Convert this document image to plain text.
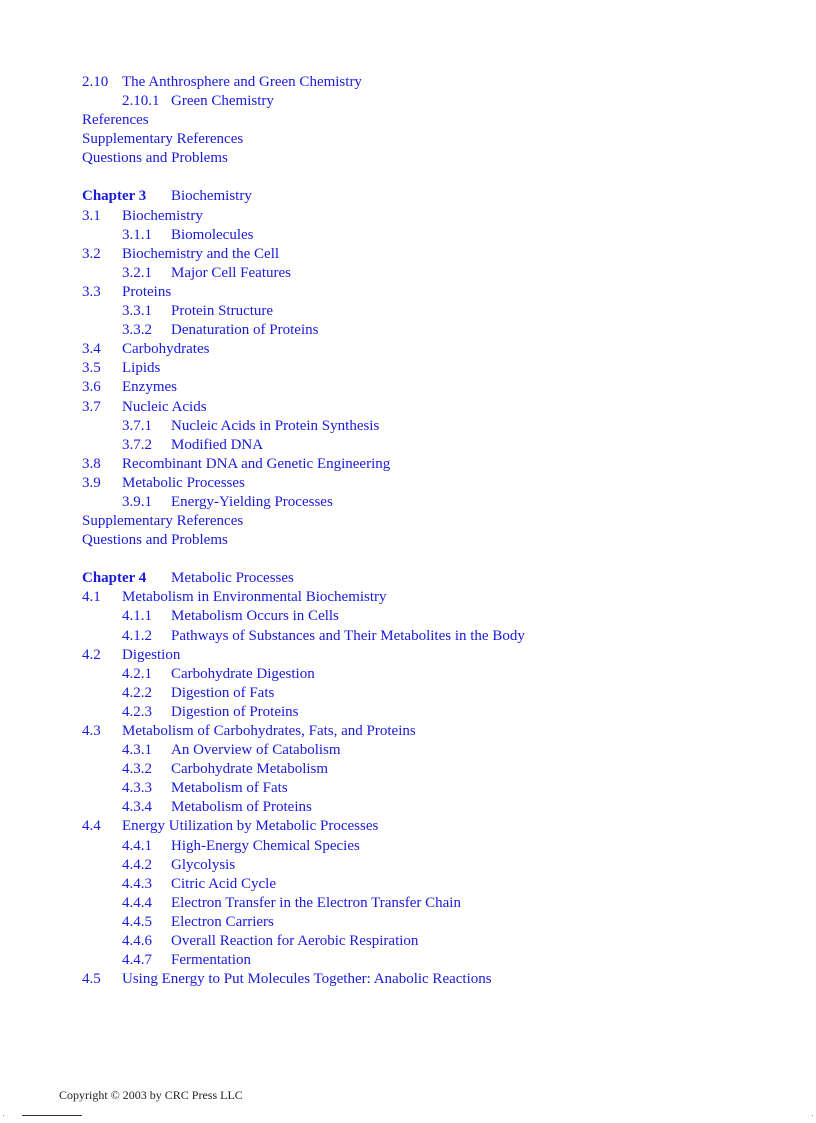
2.10 The Anthrosphere and Green Chemistry
2.10.1 Green Chemistry
References
Supplementary References
Questions and Problems
Chapter 3	Biochemistry
3.1	Biochemistry
3.1.1	Biomolecules
3.2	Biochemistry and the Cell
3.2.1	Major Cell Features
3.3	Proteins
3.3.1	Protein Structure
3.3.2	Denaturation of Proteins
3.4	Carbohydrates
3.5	Lipids
3.6	Enzymes
3.7	Nucleic Acids
3.7.1	Nucleic Acids in Protein Synthesis
3.7.2	Modified DNA
3.8	Recombinant DNA and Genetic Engineering
3.9	Metabolic Processes
3.9.1	Energy-Yielding Processes
Supplementary References
Questions and Problems
Chapter 4	Metabolic Processes
4.1	Metabolism in Environmental Biochemistry
4.1.1	Metabolism Occurs in Cells
4.1.2	Pathways of Substances and Their Metabolites in the Body
4.2	Digestion
4.2.1	Carbohydrate Digestion
4.2.2	Digestion of Fats
4.2.3	Digestion of Proteins
4.3	Metabolism of Carbohydrates, Fats, and Proteins
4.3.1	An Overview of Catabolism
4.3.2	Carbohydrate Metabolism
4.3.3	Metabolism of Fats
4.3.4	Metabolism of Proteins
4.4	Energy Utilization by Metabolic Processes
4.4.1	High-Energy Chemical Species
4.4.2	Glycolysis
4.4.3	Citric Acid Cycle
4.4.4	Electron Transfer in the Electron Transfer Chain
4.4.5	Electron Carriers
4.4.6	Overall Reaction for Aerobic Respiration
4.4.7	Fermentation
4.5	Using Energy to Put Molecules Together: Anabolic Reactions
Copyright © 2003 by CRC Press LLC
